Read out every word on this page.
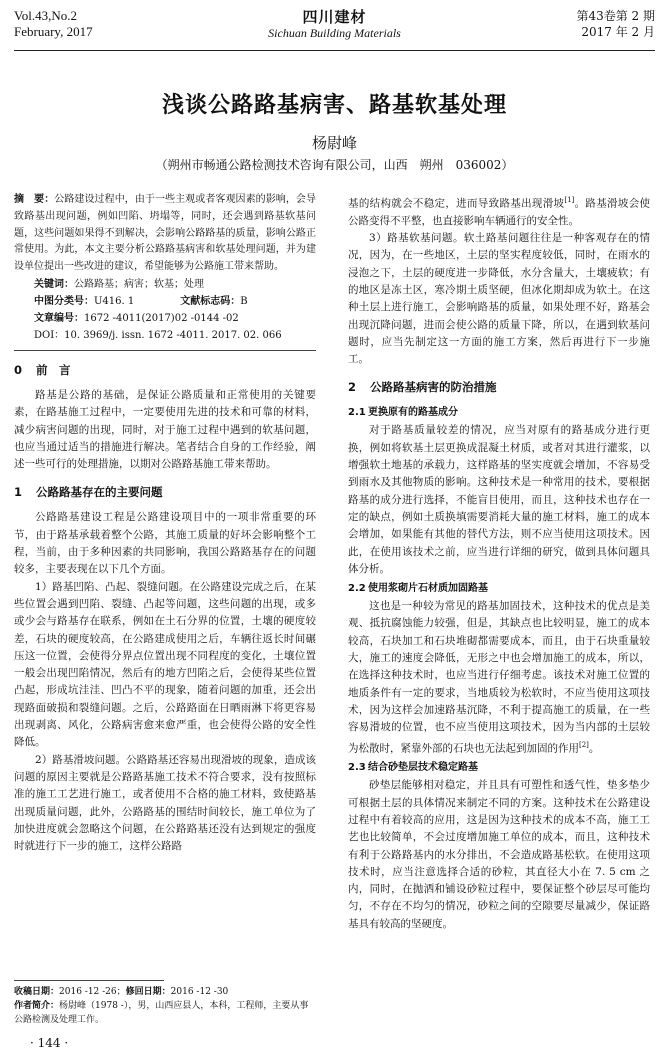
Vol.43,No.2
February, 2017
四川建材
Sichuan Building Materials
第43卷第 2 期
2017 年 2 月
浅谈公路路基病害、路基软基处理
杨尉峰
（朔州市畅通公路检测技术咨询有限公司，山西　朔州　036002）

摘　要：公路建设过程中，由于一些主观或者客观因素的影响，会导致路基出现问题，例如凹陷、坍塌等，同时，还会遇到路基软基问题，这些问题如果得不到解决，会影响公路路基的质量，影响公路正常使用。为此，本文主要分析公路路基病害和软基处理问题，并为建设单位提出一些改进的建议，希望能够为公路施工带来帮助。

关键词：公路路基；病害；软基；处理

中图分类号：U416. 1	文献标志码：B

文章编号：1672 -4011(2017)02 -0144 -02

DOI：10. 3969/j. issn. 1672 -4011. 2017. 02. 066

0 前　言

路基是公路的基础，是保证公路质量和正常使用的关键要素，在路基施工过程中，一定要使用先进的技术和可靠的材料，减少病害问题的出现，同时，对于施工过程中遇到的软基问题，也应当通过适当的措施进行解决。笔者结合自身的工作经验，阐述一些可行的处理措施，以期对公路路基施工带来帮助。

1 公路路基存在的主要问题

公路路基建设工程是公路建设项目中的一项非常重要的环节，由于路基承载着整个公路，其施工质量的好坏会影响整个工程，当前，由于多种因素的共同影响，我国公路路基存在的问题较多，主要表现在以下几个方面。

1）路基凹陷、凸起、裂缝问题。在公路建设完成之后，在某些位置会遇到凹陷、裂缝、凸起等问题，这些问题的出现，或多或少会与路基存在联系，例如在土石分界的位置，土壤的硬度较差，石块的硬度较高，在公路建成使用之后，车辆往返长时间碾压这一位置，会使得分界点位置出现不同程度的变化，土壤位置一般会出现凹陷情况，然后有的地方凹陷之后，会使得某些位置凸起，形成坑洼洼、凹凸不平的现象，随着问题的加重，还会出现路面破损和裂缝问题。之后，公路路面在日晒雨淋下将更容易出现剥离、风化，公路病害愈来愈严重，也会使得公路的安全性降低。

2）路基滑坡问题。公路路基还容易出现滑坡的现象，造成该问题的原因主要就是公路路基施工技术不符合要求，没有按照标准的施工工艺进行施工，或者使用不合格的施工材料，致使路基出现质量问题，此外，公路路基的围结时间较长，施工单位为了加快进度就会忽略这个问题，在公路路基还没有达到规定的强度时就进行下一步的施工，这样公路路

基的结构就会不稳定，进而导致路基出现滑坡[1]。路基滑坡会使公路变得不平整，也直接影响车辆通行的安全性。

3）路基软基问题。软土路基问题往往是一种客观存在的情况，因为，在一些地区，土层的坚实程度较低，同时，在雨水的浸泡之下，土层的硬度进一步降低，水分含量大，土壤疲软；有的地区是冻土区，寒冷期土质坚硬，但冰化期却成为软土。在这种土层上进行施工，会影响路基的质量，如果处理不好，路基会出现沉降问题，进而会使公路的质量下降，所以，在遇到软基问题时，应当先制定这一方面的施工方案，然后再进行下一步施工。

2 公路路基病害的防治措施
2.1 更换原有的路基成分

对于路基质量较差的情况，应当对原有的路基成分进行更换，例如将软基土层更换成混凝土材质，或者对其进行灌浆，以增强软土地基的承载力，这样路基的坚实度就会增加，不容易受到雨水及其他物质的影响。这种技术是一种常用的技术，要根据路基的成分进行选择，不能盲目使用，而且，这种技术也存在一定的缺点，例如土质换填需要消耗大量的施工材料，施工的成本会增加，如果能有其他的替代方法，则不应当使用这项技术。因此，在使用该技术之前，应当进行详细的研究，做到具体问题具体分析。

2.2 使用浆砌片石材质加固路基

这也是一种较为常见的路基加固技术，这种技术的优点是美观、抵抗腐蚀能力较强，但是，其缺点也比较明显，施工的成本较高，石块加工和石块堆砌都需要成本，而且，由于石块重量较大，施工的速度会降低，无形之中也会增加施工的成本，所以，在选择这种技术时，也应当进行仔细考虑。该技术对施工位置的地质条件有一定的要求，当地质较为松软时，不应当使用这项技术，因为这样会加速路基沉降，不利于提高施工的质量，在一些容易滑坡的位置，也不应当使用这项技术，因为当内部的土层较为松散时，紧靠外部的石块也无法起到加固的作用[2]。

2.3 结合砂垫层技术稳定路基

砂垫层能够相对稳定，并且具有可塑性和透气性，垫多垫少可根据土层的具体情况来制定不同的方案。这种技术在公路建设过程中有着较高的应用，这是因为这种技术的成本不高，施工工艺也比较简单，不会过度增加施工单位的成本，而且，这种技术有利于公路路基内的水分排出，不会造成路基松软。在使用这项技术时，应当注意选择合适的砂粒，其直径大小在 7. 5 cm 之内，同时，在抛洒和铺设砂粒过程中，要保证整个砂层尽可能均匀，不存在不均匀的情况，砂粒之间的空隙要尽量减少，保证路基具有较高的坚硬度。

收稿日期：2016 -12 -26；修回日期：2016 -12 -30
作者简介：杨尉峰（1978 -），男，山西应县人，本科，工程师，主要从事公路检测及处理工作。
· 144 ·
